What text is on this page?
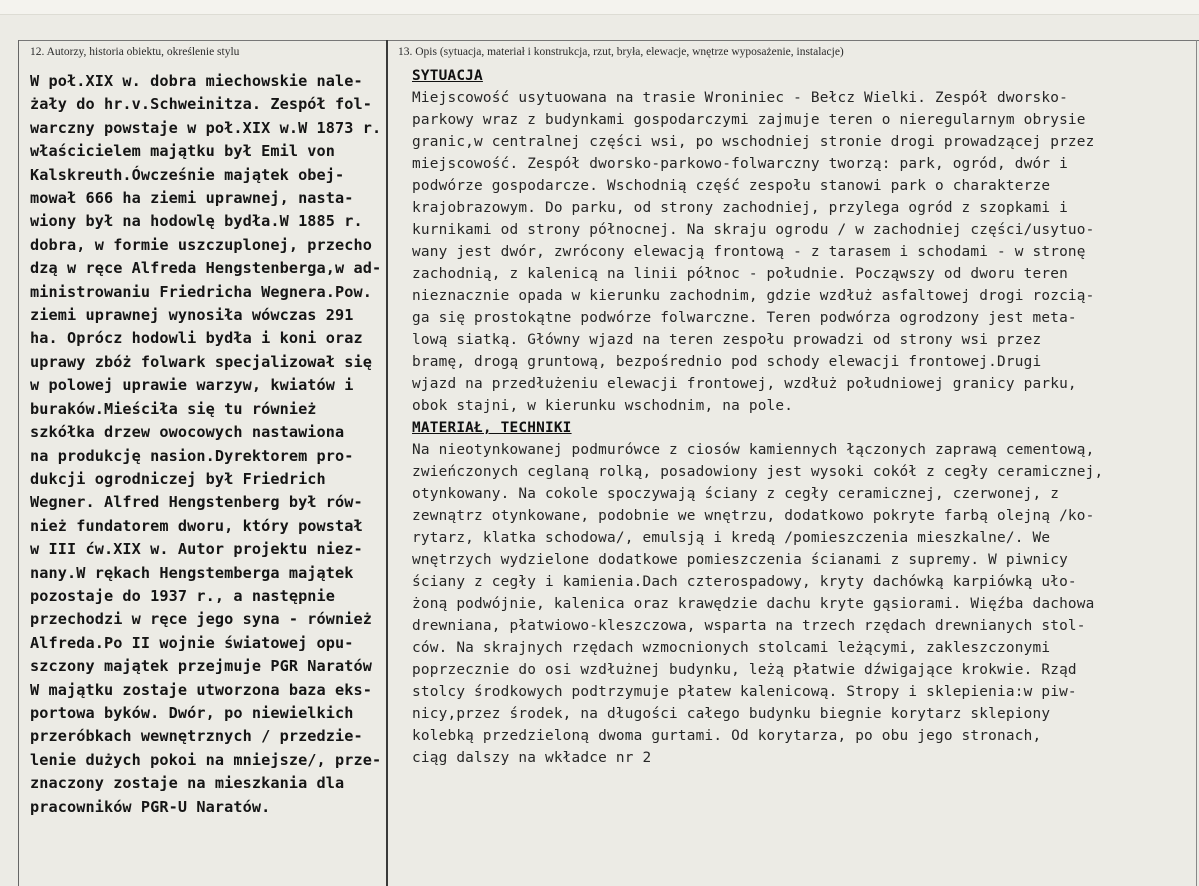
12. Autorzy, historia obiektu, określenie stylu	13. Opis (sytuacja, materiał i konstrukcja, rzut, bryła, elewacje, wnętrze wyposażenie, instalacje)
W poł.XIX w. dobra miechowskie nale-
żały do hr.v.Schweinitza. Zespół fol-
warczny powstaje w poł.XIX w.W 1873 r.
właścicielem majątku był Emil von
Kalskreuth.Ówcześnie majątek obej-
mował 666 ha ziemi uprawnej, nasta-
wiony był na hodowlę bydła.W 1885 r.
dobra, w formie uszczuplonej, przecho
dzą w ręce Alfreda Hengstenberga,w ad-
ministrowaniu Friedricha Wegnera.Pow.
ziemi uprawnej wynosiła wówczas 291
ha. Oprócz hodowli bydła i koni oraz
uprawy zbóż folwark specjalizował się
w polowej uprawie warzyw, kwiatów i
buraków.Mieściła się tu również
szkółka drzew owocowych nastawiona
na produkcję nasion.Dyrektorem pro-
dukcji ogrodniczej był Friedrich
Wegner. Alfred Hengstenberg był rów-
nież fundatorem dworu, który powstał
w III ćw.XIX w. Autor projektu niez-
nany.W rękach Hengstemberga majątek
pozostaje do 1937 r., a następnie
przechodzi w ręce jego syna - również
Alfreda.Po II wojnie światowej opu-
szczony majątek przejmuje PGR Naratów
W majątku zostaje utworzona baza eks-
portowa byków. Dwór, po niewielkich
przeróbkach wewnętrznych / przedzie-
lenie dużych pokoi na mniejsze/, prze-
znaczony zostaje na mieszkania dla
pracowników PGR-U Naratów.
SYTUACJA
Miejscowość usytuowana na trasie Wroniniec - Bełcz Wielki. Zespół dworsko-
parkowy wraz z budynkami gospodarczymi zajmuje teren o nieregularnym obrysie
granic,w centralnej części wsi, po wschodniej stronie drogi prowadzącej przez
miejscowość. Zespół dworsko-parkowo-folwarczny tworzą: park, ogród, dwór i
podwórze gospodarcze. Wschodnią część zespołu stanowi park o charakterze
krajobrazowym. Do parku, od strony zachodniej, przylega ogród z szopkami i
kurnikami od strony północnej. Na skraju ogrodu / w zachodniej części/usytuo-
wany jest dwór, zwrócony elewacją frontową - z tarasem i schodami - w stronę
zachodnią, z kalenicą na linii północ - południe. Począwszy od dworu teren
nieznacznie opada w kierunku zachodnim, gdzie wzdłuż asfaltowej drogi rozcią-
ga się prostokątne podwórze folwarczne. Teren podwórza ogrodzony jest meta-
lową siatką. Główny wjazd na teren zespołu prowadzi od strony wsi przez
bramę, drogą gruntową, bezpośrednio pod schody elewacji frontowej.Drugi
wjazd na przedłużeniu elewacji frontowej, wzdłuż południowej granicy parku,
obok stajni, w kierunku wschodnim, na pole.
MATERIAŁ, TECHNIKI
Na nieotynkowanej podmurówce z ciosów kamiennych łączonych zaprawą cementową,
zwieńczonych ceglaną rolką, posadowiony jest wysoki cokół z cegły ceramicznej,
otynkowany. Na cokole spoczywają ściany z cegły ceramicznej, czerwonej, z
zewnątrz otynkowane, podobnie we wnętrzu, dodatkowo pokryte farbą olejną /ko-
rytarz, klatka schodowa/, emulsją i kredą /pomieszczenia mieszkalne/. We
wnętrzych wydzielone dodatkowe pomieszczenia ścianami z supremy. W piwnicy
ściany z cegły i kamienia.Dach czterospadowy, kryty dachówką karpiówką uło-
żoną podwójnie, kalenica oraz krawędzie dachu kryte gąsiorami. Więźba dachowa
drewniana, płatwiowo-kleszczowa, wsparta na trzech rzędach drewnianych stol-
ców. Na skrajnych rzędach wzmocnionych stolcami leżącymi, zakleszczonymi
poprzecznie do osi wzdłużnej budynku, leżą płatwie dźwigające krokwie. Rząd
stolcy środkowych podtrzymuje płatew kalenicową. Stropy i sklepienia:w piw-
nicy,przez środek, na długości całego budynku biegnie korytarz sklepiony
kolebką przedzieloną dwoma gurtami. Od korytarza, po obu jego stronach,
ciąg dalszy na wkładce nr 2
